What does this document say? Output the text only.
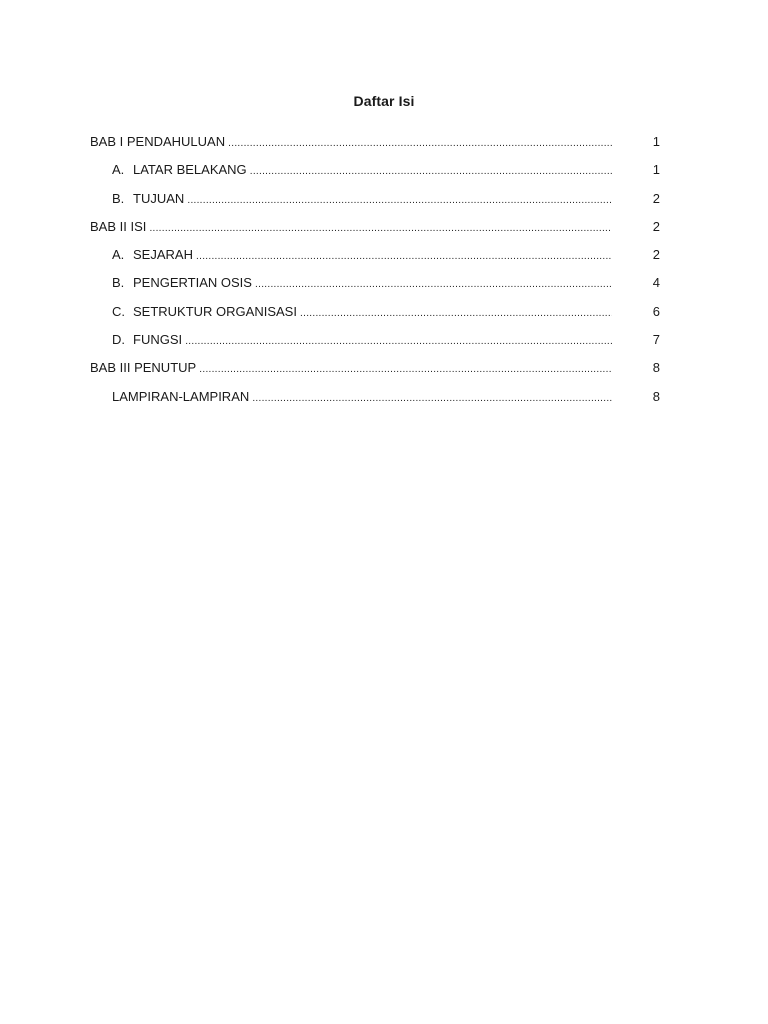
Daftar Isi
BAB I PENDAHULUAN .....	1
A. LATAR BELAKANG .....	1
B. TUJUAN .....	2
BAB II ISI .....	2
A. SEJARAH .....	2
B. PENGERTIAN OSIS .....	4
C. SETRUKTUR ORGANISASI .....	6
D. FUNGSI .....	7
BAB III PENUTUP .....	8
LAMPIRAN-LAMPIRAN .....	8
